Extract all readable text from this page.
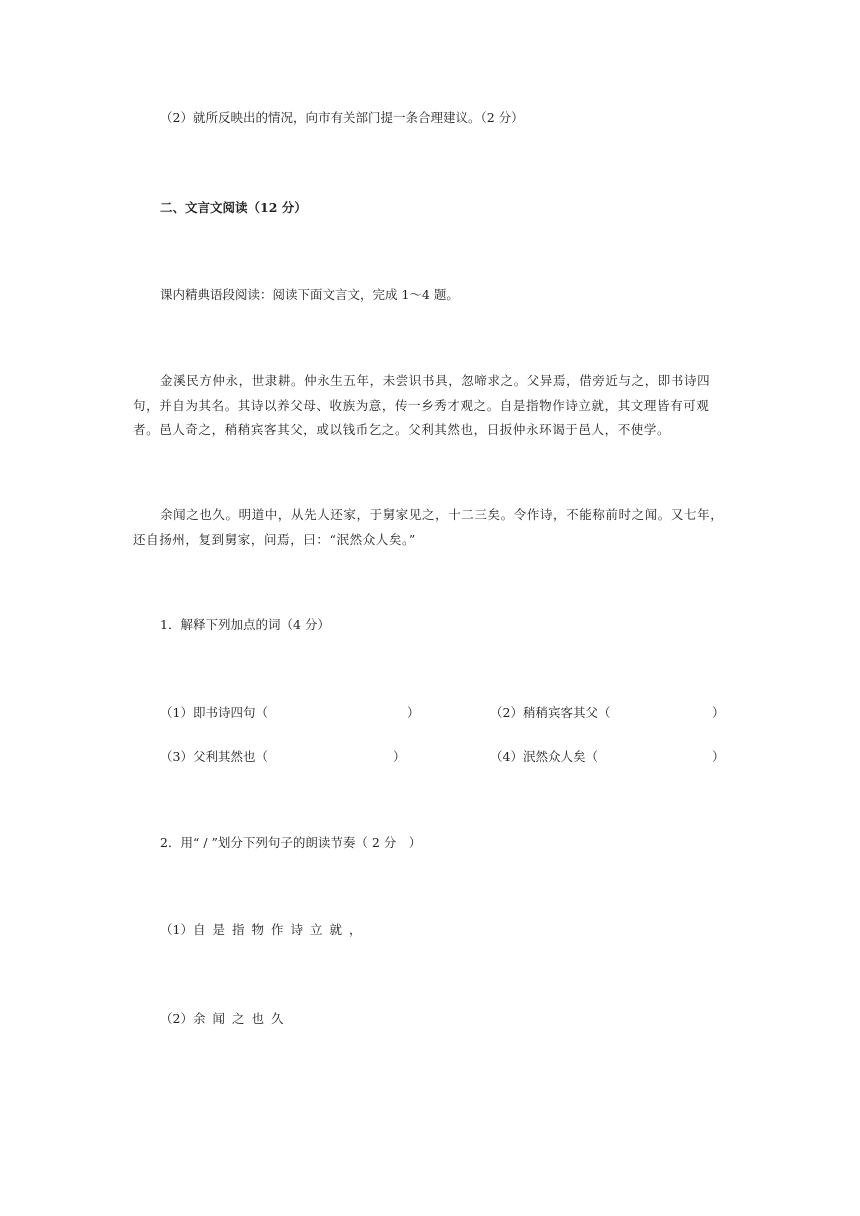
（2）就所反映出的情况，向市有关部门提一条合理建议。（2 分）
二、文言文阅读（12 分）
课内精典语段阅读：阅读下面文言文，完成 1～4 题。
金溪民方仲永，世隶耕。仲永生五年，未尝识书具，忽啼求之。父异焉，借旁近与之，即书诗四句，并自为其名。其诗以养父母、收族为意，传一乡秀才观之。自是指物作诗立就，其文理皆有可观者。邑人奇之，稍稍宾客其父，或以钱币乞之。父利其然也，日扳仲永环谒于邑人，不使学。
余闻之也久。明道中，从先人还家，于舅家见之，十二三矣。令作诗，不能称前时之闻。又七年，还自扬州，复到舅家，问焉，曰：“泯然众人矣。”
1．解释下列加点的词（4 分）
（1）即书诗四句（	）	（2）稍稍宾客其父（	）
（3）父利其然也（	）	（4）泯然众人矣（	）
2．用“ / ”划分下列句子的朗读节奏（ 2 分　）
（1）自是指物作诗立就，
（2）余闻之也久
